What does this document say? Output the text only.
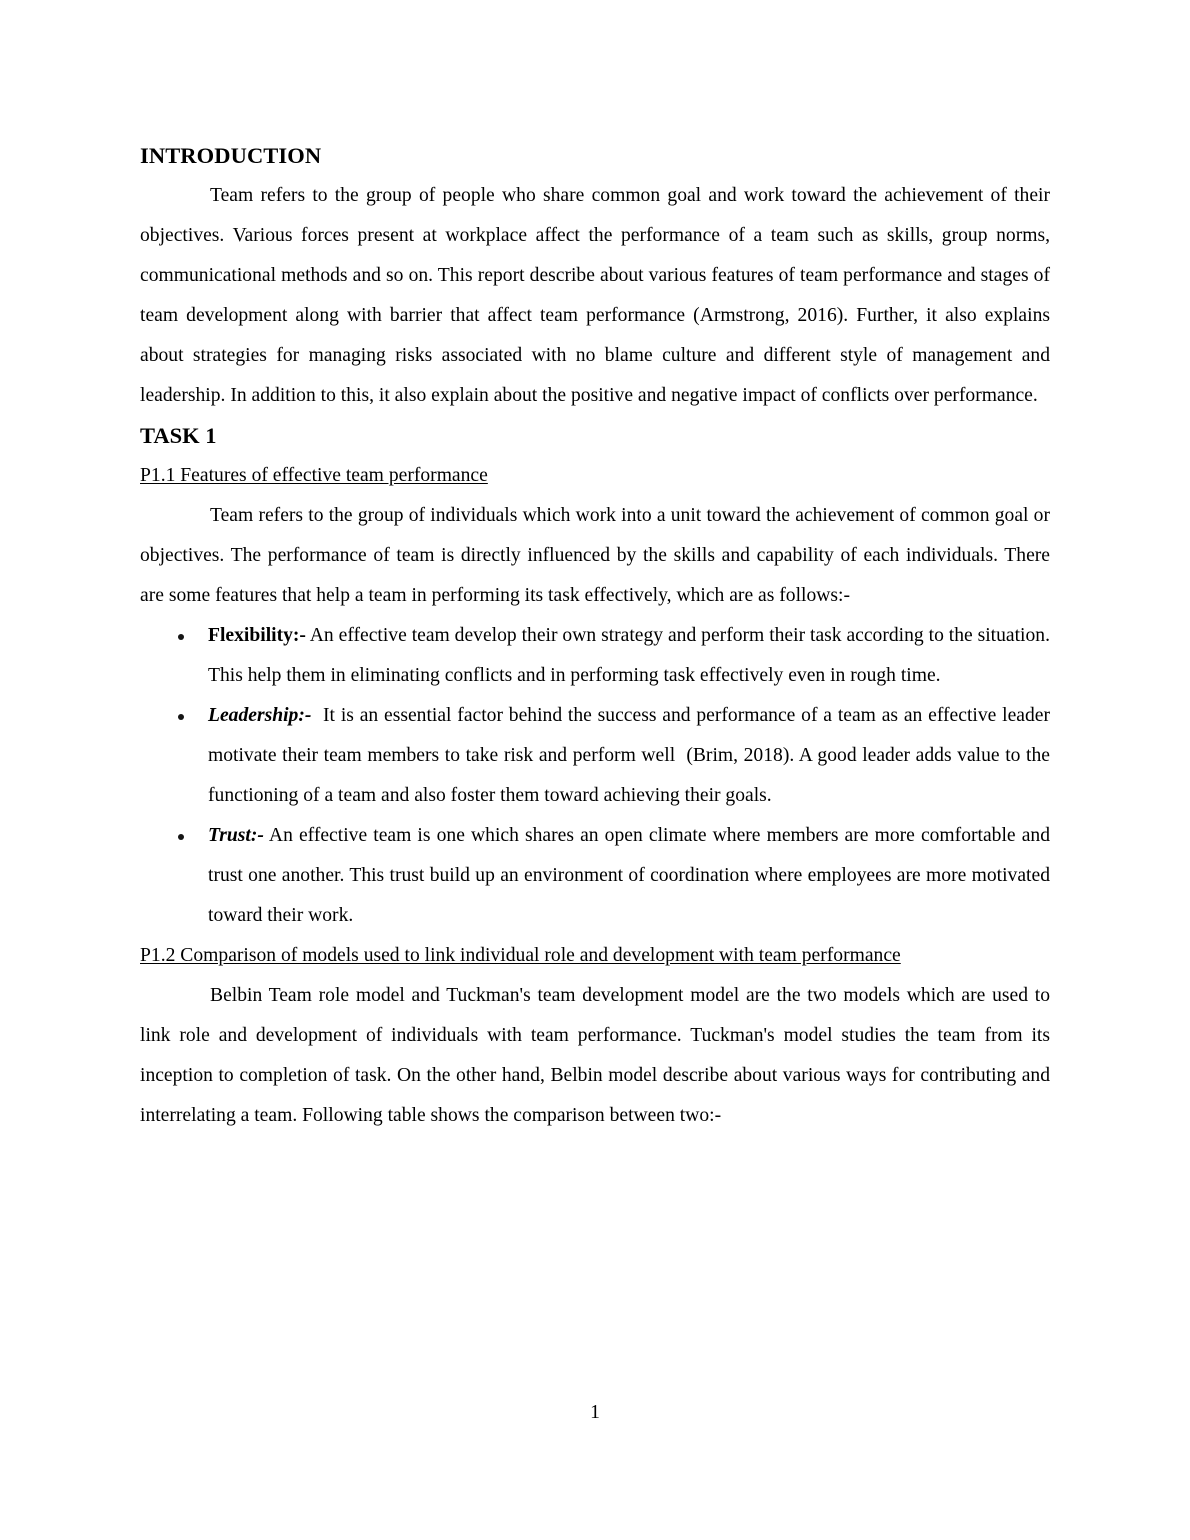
INTRODUCTION

Team refers to the group of people who share common goal and work toward the achievement of their objectives. Various forces present at workplace affect the performance of a team such as skills, group norms, communicational methods and so on. This report describe about various features of team performance and stages of team development along with barrier that affect team performance (Armstrong, 2016). Further, it also explains about strategies for managing risks associated with no blame culture and different style of management and leadership. In addition to this, it also explain about the positive and negative impact of conflicts over performance.

TASK 1
P1.1 Features of effective team performance

Team refers to the group of individuals which work into a unit toward the achievement of common goal or objectives. The performance of team is directly influenced by the skills and capability of each individuals. There are some features that help a team in performing its task effectively, which are as follows:-

Flexibility:- An effective team develop their own strategy and perform their task according to the situation. This help them in eliminating conflicts and in performing task effectively even in rough time.
Leadership:-  It is an essential factor behind the success and performance of a team as an effective leader motivate their team members to take risk and perform well  (Brim, 2018). A good leader adds value to the functioning of a team and also foster them toward achieving their goals.
Trust:- An effective team is one which shares an open climate where members are more comfortable and trust one another. This trust build up an environment of coordination where employees are more motivated toward their work.
P1.2 Comparison of models used to link individual role and development with team performance

Belbin Team role model and Tuckman's team development model are the two models which are used to link role and development of individuals with team performance. Tuckman's model studies the team from its inception to completion of task. On the other hand, Belbin model describe about various ways for contributing and interrelating a team. Following table shows the comparison between two:-

1
